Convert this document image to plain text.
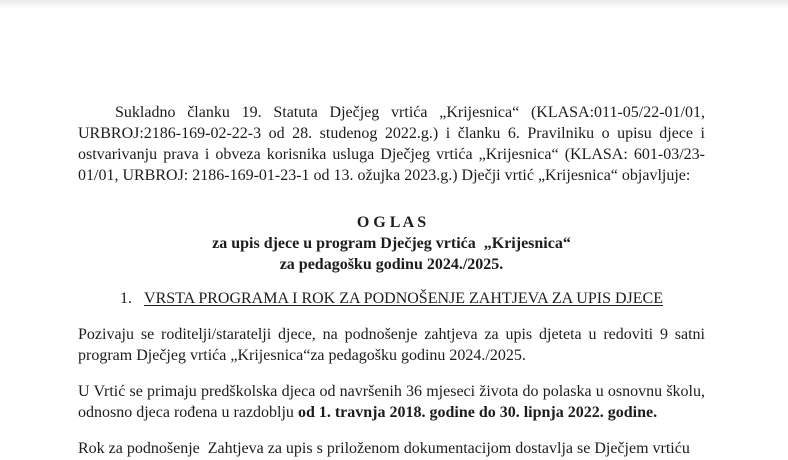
Sukladno članku 19. Statuta Dječjeg vrtića „Krijesnica“ (KLASA:011-05/22-01/01, URBROJ:2186-169-02-22-3 od 28. studenog 2022.g.) i članku 6. Pravilniku o upisu djece i ostvarivanju prava i obveza korisnika usluga Dječjeg vrtića „Krijesnica“ (KLASA: 601-03/23-01/01, URBROJ: 2186-169-01-23-1 od 13. ožujka 2023.g.) Dječji vrtić „Krijesnica“ objavljuje:

O G L A S

za upis djece u program Dječjeg vrtića  „Krijesnica“

za pedagošku godinu 2024./2025.

1. VRSTA PROGRAMA I ROK ZA PODNOŠENJE ZAHTJEVA ZA UPIS DJECE

Pozivaju se roditelji/staratelji djece, na podnošenje zahtjeva za upis djeteta u redoviti 9 satni program Dječjeg vrtića „Krijesnica“za pedagošku godinu 2024./2025.

U Vrtić se primaju predškolska djeca od navršenih 36 mjeseci života do polaska u osnovnu školu, odnosno djeca rođena u razdoblju od 1. travnja 2018. godine do 30. lipnja 2022. godine.

Rok za podnošenje  Zahtjeva za upis s priloženom dokumentacijom dostavlja se Dječjem vrtiću
